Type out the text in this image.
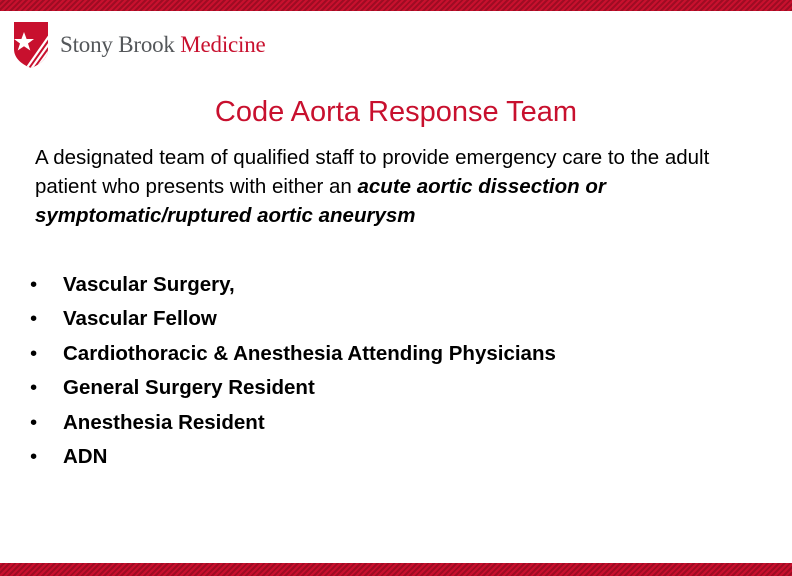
Stony Brook Medicine
Code Aorta Response Team

A designated team of qualified staff to provide emergency care to the adult patient who presents with either an acute aortic dissection or symptomatic/ruptured aortic aneurysm

• Vascular Surgery,
• Vascular Fellow
• Cardiothoracic & Anesthesia Attending Physicians
• General Surgery Resident
• Anesthesia Resident
• ADN
